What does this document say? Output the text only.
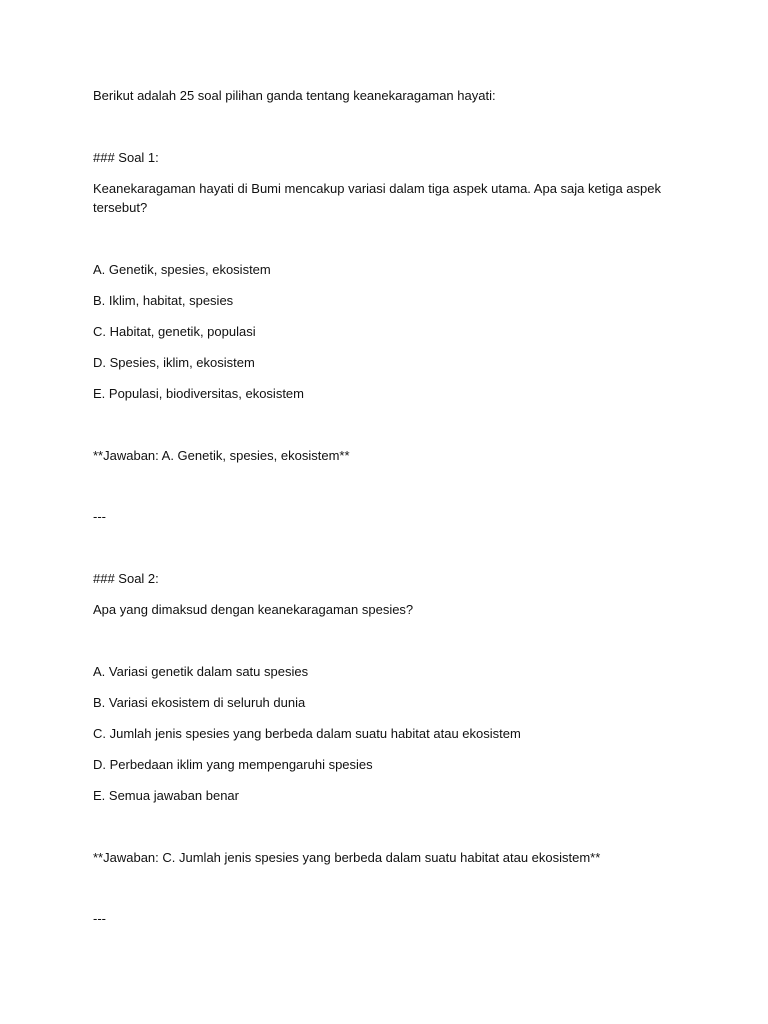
Berikut adalah 25 soal pilihan ganda tentang keanekaragaman hayati:
### Soal 1:
Keanekaragaman hayati di Bumi mencakup variasi dalam tiga aspek utama. Apa saja ketiga aspek tersebut?
A. Genetik, spesies, ekosistem
B. Iklim, habitat, spesies
C. Habitat, genetik, populasi
D. Spesies, iklim, ekosistem
E. Populasi, biodiversitas, ekosistem
**Jawaban: A. Genetik, spesies, ekosistem**
---
### Soal 2:
Apa yang dimaksud dengan keanekaragaman spesies?
A. Variasi genetik dalam satu spesies
B. Variasi ekosistem di seluruh dunia
C. Jumlah jenis spesies yang berbeda dalam suatu habitat atau ekosistem
D. Perbedaan iklim yang mempengaruhi spesies
E. Semua jawaban benar
**Jawaban: C. Jumlah jenis spesies yang berbeda dalam suatu habitat atau ekosistem**
---
